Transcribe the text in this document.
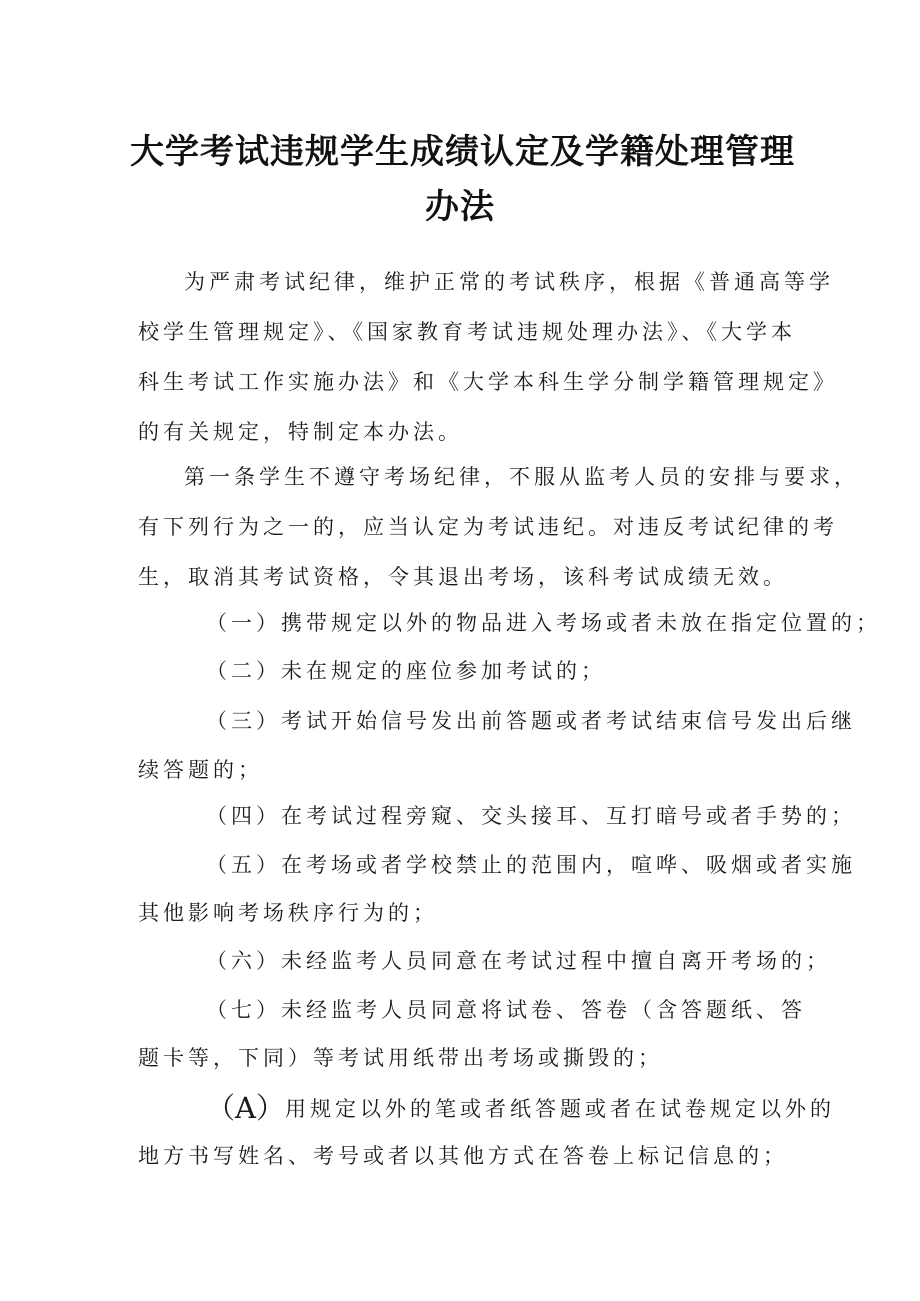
大学考试违规学生成绩认定及学籍处理管理
办法
为严肃考试纪律，维护正常的考试秩序，根据《普通高等学
校学生管理规定》、《国家教育考试违规处理办法》、《大学本
科生考试工作实施办法》和《大学本科生学分制学籍管理规定》
的有关规定，特制定本办法。
第一条学生不遵守考场纪律，不服从监考人员的安排与要求，
有下列行为之一的，应当认定为考试违纪。对违反考试纪律的考
生，取消其考试资格，令其退出考场，该科考试成绩无效。
（一）携带规定以外的物品进入考场或者未放在指定位置的；
（二）未在规定的座位参加考试的；
（三）考试开始信号发出前答题或者考试结束信号发出后继
续答题的；
（四）在考试过程旁窥、交头接耳、互打暗号或者手势的；
（五）在考场或者学校禁止的范围内，喧哗、吸烟或者实施
其他影响考场秩序行为的；
（六）未经监考人员同意在考试过程中擅自离开考场的；
（七）未经监考人员同意将试卷、答卷（含答题纸、答
题卡等，下同）等考试用纸带出考场或撕毁的；
（A）用规定以外的笔或者纸答题或者在试卷规定以外的
地方书写姓名、考号或者以其他方式在答卷上标记信息的；
